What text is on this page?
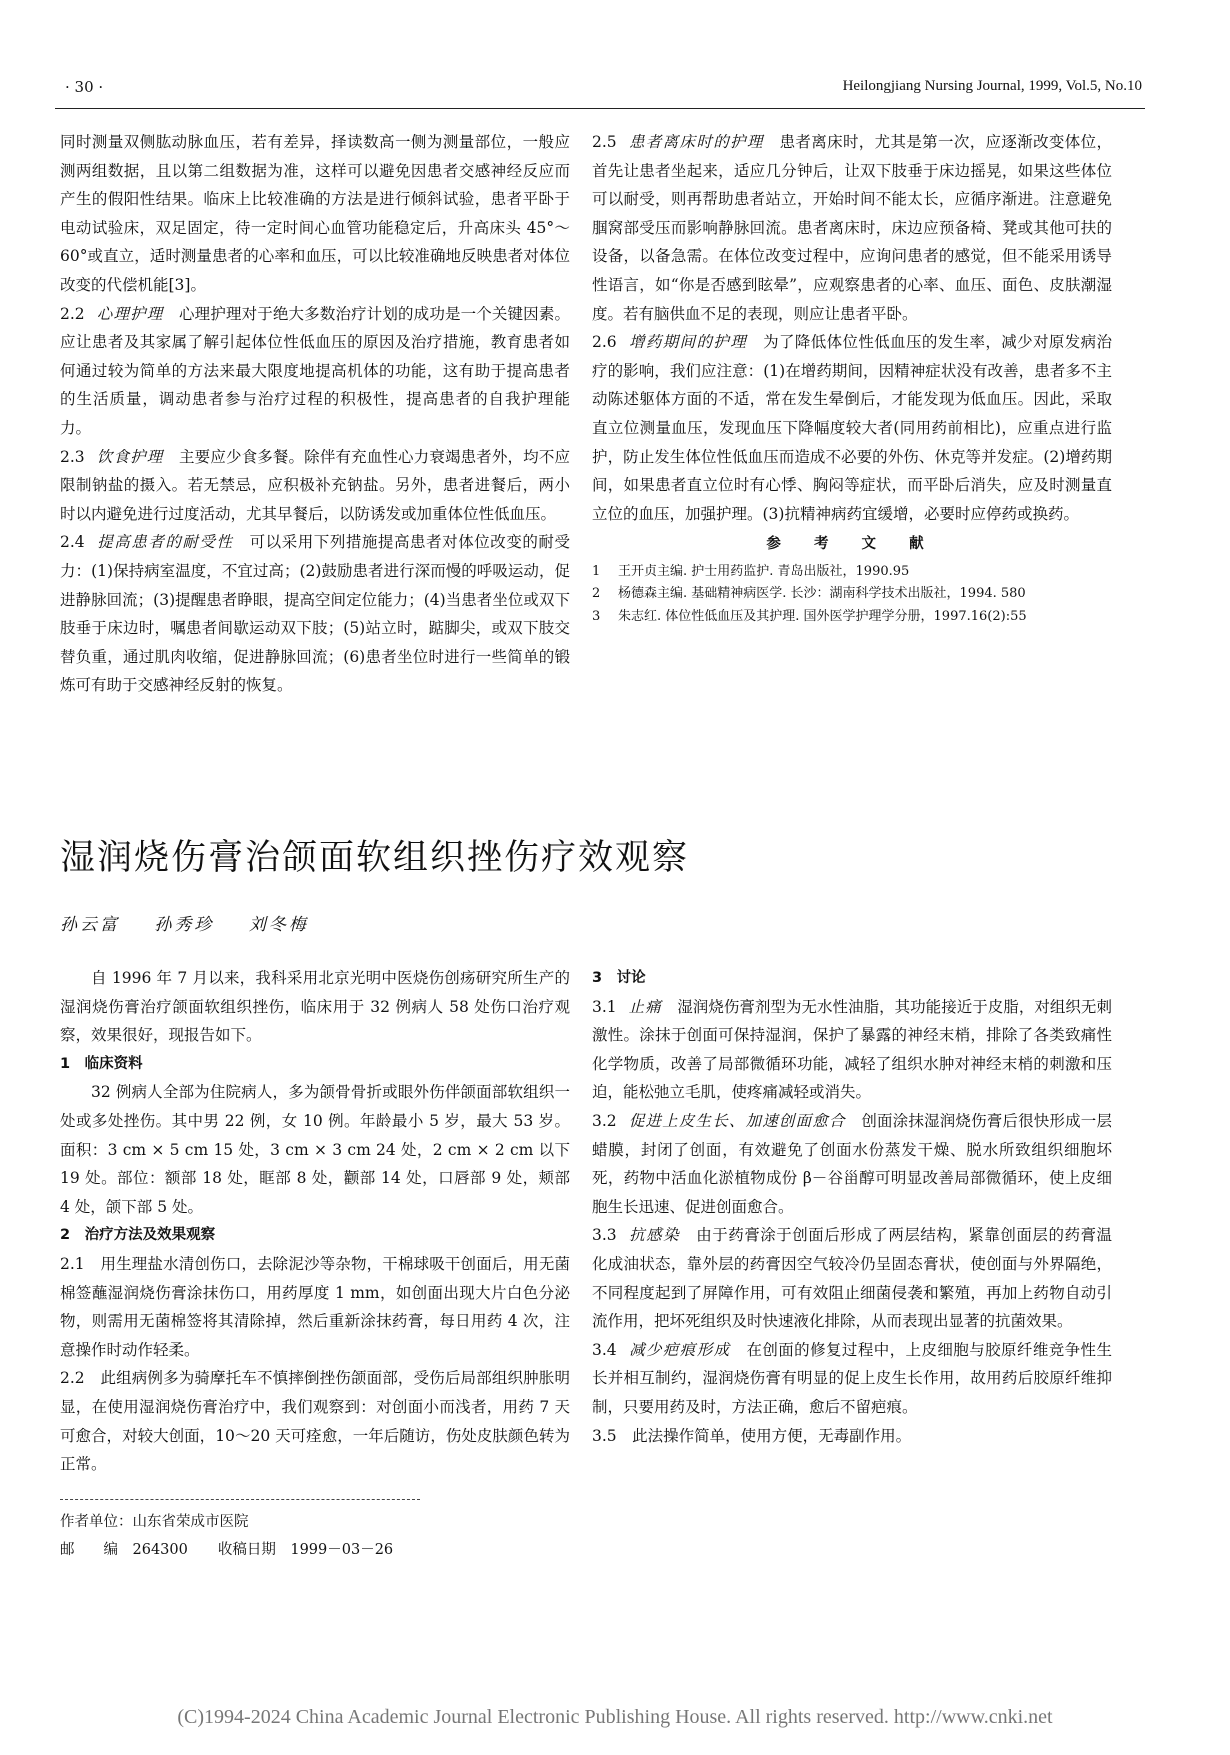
· 30 ·	Heilongjiang Nursing Journal, 1999, Vol.5, No.10

同时测量双侧肱动脉血压，若有差异，择读数高一侧为测量部位，一般应测两组数据，且以第二组数据为准，这样可以避免因患者交感神经反应而产生的假阳性结果。临床上比较准确的方法是进行倾斜试验，患者平卧于电动试验床，双足固定，待一定时间心血管功能稳定后，升高床头 45°～60°或直立，适时测量患者的心率和血压，可以比较准确地反映患者对体位改变的代偿机能[3]。

2.2 心理护理　 心理护理对于绝大多数治疗计划的成功是一个关键因素。应让患者及其家属了解引起体位性低血压的原因及治疗措施，教育患者如何通过较为简单的方法来最大限度地提高机体的功能，这有助于提高患者的生活质量，调动患者参与治疗过程的积极性，提高患者的自我护理能力。

2.3 饮食护理　 主要应少食多餐。除伴有充血性心力衰竭患者外，均不应限制钠盐的摄入。若无禁忌，应积极补充钠盐。另外，患者进餐后，两小时以内避免进行过度活动，尤其早餐后，以防诱发或加重体位性低血压。

2.4 提高患者的耐受性　 可以采用下列措施提高患者对体位改变的耐受力：(1)保持病室温度，不宜过高；(2)鼓励患者进行深而慢的呼吸运动，促进静脉回流；(3)提醒患者睁眼，提高空间定位能力；(4)当患者坐位或双下肢垂于床边时，嘱患者间歇运动双下肢；(5)站立时，踮脚尖，或双下肢交替负重，通过肌肉收缩，促进静脉回流；(6)患者坐位时进行一些简单的锻炼可有助于交感神经反射的恢复。

2.5 患者离床时的护理　 患者离床时，尤其是第一次，应逐渐改变体位，首先让患者坐起来，适应几分钟后，让双下肢垂于床边摇晃，如果这些体位可以耐受，则再帮助患者站立，开始时间不能太长，应循序渐进。注意避免腘窝部受压而影响静脉回流。患者离床时，床边应预备椅、凳或其他可扶的设备，以备急需。在体位改变过程中，应询问患者的感觉，但不能采用诱导性语言，如“你是否感到眩晕”，应观察患者的心率、血压、面色、皮肤潮湿度。若有脑供血不足的表现，则应让患者平卧。

2.6 增药期间的护理　 为了降低体位性低血压的发生率，减少对原发病治疗的影响，我们应注意：(1)在增药期间，因精神症状没有改善，患者多不主动陈述躯体方面的不适，常在发生晕倒后，才能发现为低血压。因此，采取直立位测量血压，发现血压下降幅度较大者(同用药前相比)，应重点进行监护，防止发生体位性低血压而造成不必要的外伤、休克等并发症。(2)增药期间，如果患者直立位时有心悸、胸闷等症状，而平卧后消失，应及时测量直立位的血压，加强护理。(3)抗精神病药宜缓增，必要时应停药或换药。

参 考 文 献

1 王开贞主编. 护士用药监护. 青岛出版社，1990.95

2 杨德森主编. 基础精神病医学. 长沙：湖南科学技术出版社，1994. 580

3 朱志红. 体位性低血压及其护理. 国外医学护理学分册，1997.16(2):55

湿润烧伤膏治颌面软组织挫伤疗效观察
孙云富 孙秀珍 刘冬梅

自 1996 年 7 月以来，我科采用北京光明中医烧伤创疡研究所生产的湿润烧伤膏治疗颌面软组织挫伤，临床用于 32 例病人 58 处伤口治疗观察，效果很好，现报告如下。

1　临床资料

32 例病人全部为住院病人，多为颌骨骨折或眼外伤伴颌面部软组织一处或多处挫伤。其中男 22 例，女 10 例。年龄最小 5 岁，最大 53 岁。面积：3 cm × 5 cm 15 处，3 cm × 3 cm 24 处，2 cm × 2 cm 以下 19 处。部位：额部 18 处，眶部 8 处，颧部 14 处，口唇部 9 处，颊部 4 处，颌下部 5 处。

2　治疗方法及效果观察

2.1　用生理盐水清创伤口，去除泥沙等杂物，干棉球吸干创面后，用无菌棉签蘸湿润烧伤膏涂抹伤口，用药厚度 1 mm，如创面出现大片白色分泌物，则需用无菌棉签将其清除掉，然后重新涂抹药膏，每日用药 4 次，注意操作时动作轻柔。

2.2　此组病例多为骑摩托车不慎摔倒挫伤颌面部，受伤后局部组织肿胀明显，在使用湿润烧伤膏治疗中，我们观察到：对创面小而浅者，用药 7 天可愈合，对较大创面，10～20 天可痊愈，一年后随访，伤处皮肤颜色转为正常。

作者单位：山东省荣成市医院
邮　　编　 264300 收稿日期　 1999－03－26

3　讨论

3.1 止痛　 湿润烧伤膏剂型为无水性油脂，其功能接近于皮脂，对组织无刺激性。涂抹于创面可保持湿润，保护了暴露的神经末梢，排除了各类致痛性化学物质，改善了局部微循环功能，减轻了组织水肿对神经末梢的刺激和压迫，能松弛立毛肌，使疼痛减轻或消失。

3.2 促进上皮生长、加速创面愈合　 创面涂抹湿润烧伤膏后很快形成一层蜡膜，封闭了创面，有效避免了创面水份蒸发干燥、脱水所致组织细胞坏死，药物中活血化淤植物成份 β－谷甾醇可明显改善局部微循环，使上皮细胞生长迅速、促进创面愈合。

3.3 抗感染　 由于药膏涂于创面后形成了两层结构，紧靠创面层的药膏温化成油状态，靠外层的药膏因空气较冷仍呈固态膏状，使创面与外界隔绝，不同程度起到了屏障作用，可有效阻止细菌侵袭和繁殖，再加上药物自动引流作用，把坏死组织及时快速液化排除，从而表现出显著的抗菌效果。

3.4 减少疤痕形成　 在创面的修复过程中，上皮细胞与胶原纤维竞争性生长并相互制约，湿润烧伤膏有明显的促上皮生长作用，故用药后胶原纤维抑制，只要用药及时，方法正确，愈后不留疤痕。

3.5　此法操作简单，使用方便，无毒副作用。

(C)1994-2024 China Academic Journal Electronic Publishing House. All rights reserved. http://www.cnki.net
